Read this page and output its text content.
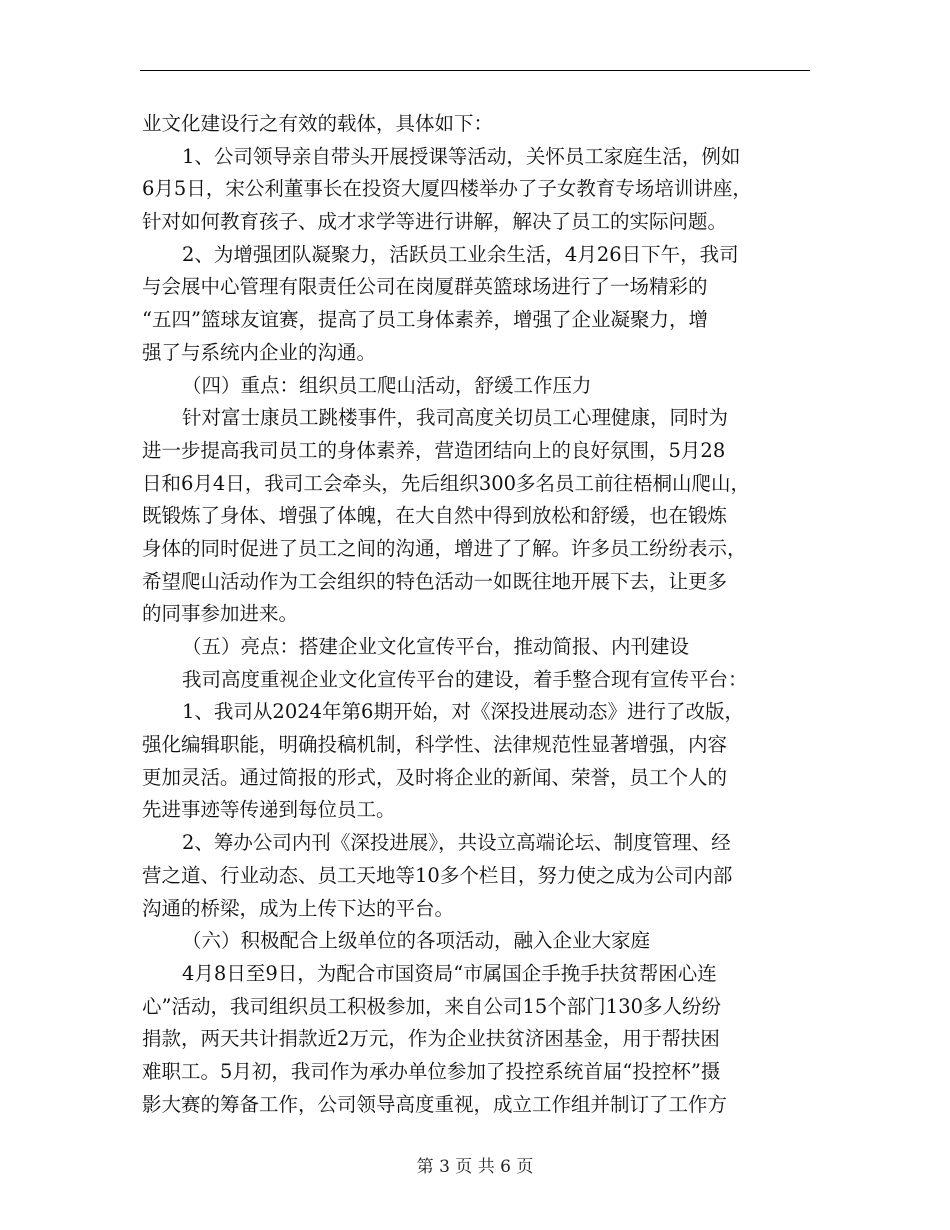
业文化建设行之有效的载体，具体如下：
1、公司领导亲自带头开展授课等活动，关怀员工家庭生活，例如
6月5日，宋公利董事长在投资大厦四楼举办了子女教育专场培训讲座，
针对如何教育孩子、成才求学等进行讲解，解决了员工的实际问题。
2、为增强团队凝聚力，活跃员工业余生活，4月26日下午，我司
与会展中心管理有限责任公司在岗厦群英篮球场进行了一场精彩的
“五四”篮球友谊赛，提高了员工身体素养，增强了企业凝聚力，增
强了与系统内企业的沟通。
（四）重点：组织员工爬山活动，舒缓工作压力
针对富士康员工跳楼事件，我司高度关切员工心理健康，同时为
进一步提高我司员工的身体素养，营造团结向上的良好氛围，5月28
日和6月4日，我司工会牵头，先后组织300多名员工前往梧桐山爬山，
既锻炼了身体、增强了体魄，在大自然中得到放松和舒缓，也在锻炼
身体的同时促进了员工之间的沟通，增进了了解。许多员工纷纷表示，
希望爬山活动作为工会组织的特色活动一如既往地开展下去，让更多
的同事参加进来。
（五）亮点：搭建企业文化宣传平台，推动简报、内刊建设
我司高度重视企业文化宣传平台的建设，着手整合现有宣传平台：
1、我司从2024年第6期开始，对《深投进展动态》进行了改版，
强化编辑职能，明确投稿机制，科学性、法律规范性显著增强，内容
更加灵活。通过简报的形式，及时将企业的新闻、荣誉，员工个人的
先进事迹等传递到每位员工。
2、筹办公司内刊《深投进展》，共设立高端论坛、制度管理、经
营之道、行业动态、员工天地等10多个栏目，努力使之成为公司内部
沟通的桥梁，成为上传下达的平台。
（六）积极配合上级单位的各项活动，融入企业大家庭
4月8日至9日，为配合市国资局“市属国企手挽手扶贫帮困心连
心”活动，我司组织员工积极参加，来自公司15个部门130多人纷纷
捐款，两天共计捐款近2万元，作为企业扶贫济困基金，用于帮扶困
难职工。5月初，我司作为承办单位参加了投控系统首届“投控杯”摄
影大赛的筹备工作，公司领导高度重视，成立工作组并制订了工作方
第 3 页 共 6 页
